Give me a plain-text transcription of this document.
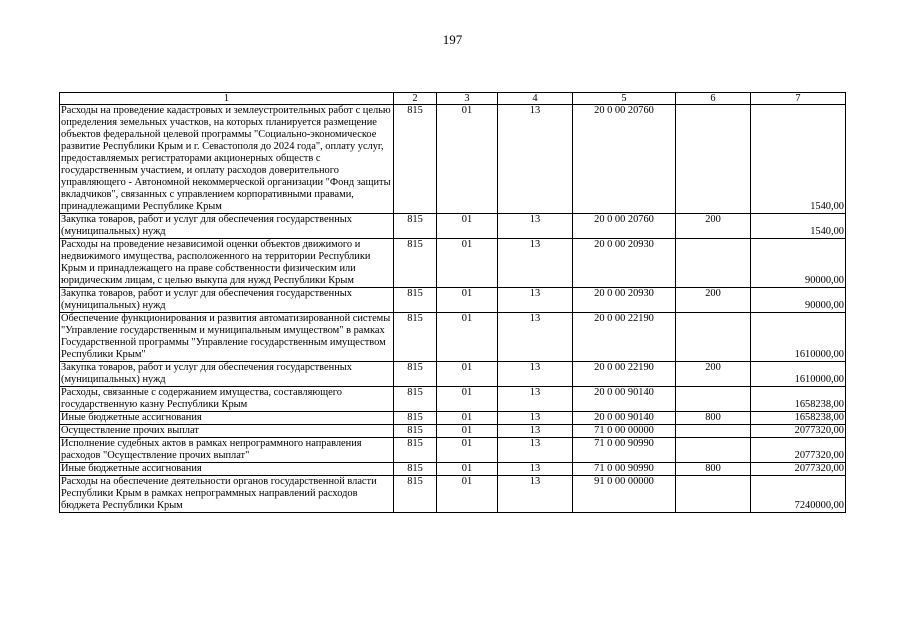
197
1	2	3	4	5	6	7
Расходы на проведение кадастровых и землеустроительных работ с целью определения земельных участков, на которых планируется размещение объектов федеральной целевой программы "Социально-экономическое развитие Республики Крым и г. Севастополя до 2024 года", оплату услуг, предоставляемых регистраторами акционерных обществ с государственным участием, и оплату расходов доверительного управляющего - Автономной некоммерческой организации "Фонд защиты вкладчиков", связанных с управлением корпоративными правами, принадлежащими Республике Крым	815	01	13	20 0 00 20760		1540,00
Закупка товаров, работ и услуг для обеспечения государственных (муниципальных) нужд	815	01	13	20 0 00 20760	200	1540,00
Расходы на проведение независимой оценки объектов движимого и недвижимого имущества, расположенного на территории Республики Крым и принадлежащего на праве собственности физическим или юридическим лицам, с целью выкупа для нужд Республики Крым	815	01	13	20 0 00 20930		90000,00
Закупка товаров, работ и услуг для обеспечения государственных (муниципальных) нужд	815	01	13	20 0 00 20930	200	90000,00
Обеспечение функционирования и развития автоматизированной системы "Управление государственным и муниципальным имуществом" в рамках Государственной программы "Управление государственным имуществом Республики Крым"	815	01	13	20 0 00 22190		1610000,00
Закупка товаров, работ и услуг для обеспечения государственных (муниципальных) нужд	815	01	13	20 0 00 22190	200	1610000,00
Расходы, связанные с содержанием имущества, составляющего государственную казну Республики Крым	815	01	13	20 0 00 90140		1658238,00
Иные бюджетные ассигнования	815	01	13	20 0 00 90140	800	1658238,00
Осуществление прочих выплат	815	01	13	71 0 00 00000		2077320,00
Исполнение судебных актов в рамках непрограммного направления расходов "Осуществление прочих выплат"	815	01	13	71 0 00 90990		2077320,00
Иные бюджетные ассигнования	815	01	13	71 0 00 90990	800	2077320,00
Расходы на обеспечение деятельности органов государственной власти Республики Крым в рамках непрограммных направлений расходов бюджета Республики Крым	815	01	13	91 0 00 00000		7240000,00
